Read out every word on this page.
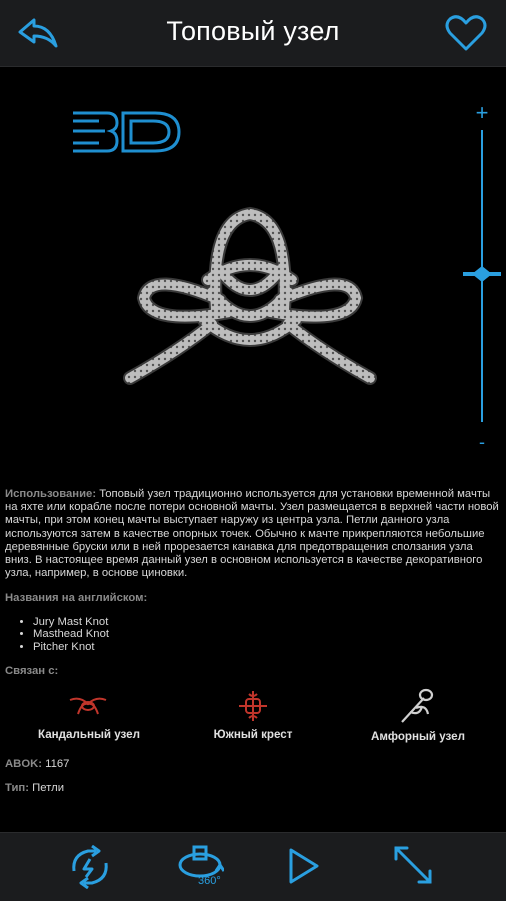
Топовый узел
+
-
Использование: Топовый узел традиционно используется для установки временной мачты на яхте или корабле после потери основной мачты. Узел размещается в верхней части новой мачты, при этом конец мачты выступает наружу из центра узла. Петли данного узла используются затем в качестве опорных точек. Обычно к мачте прикрепляются небольшие деревянные бруски или в ней прорезается канавка для предотвращения сползания узла вниз. В настоящее время данный узел в основном используется в качестве декоративного узла, например, в основе циновки.
Названия на английском:
• Jury Mast Knot
• Masthead Knot
• Pitcher Knot
Связан с:
Кандальный узел	Южный крест	Амфорный узел
ABOK: 1167
Тип: Петли
360°
